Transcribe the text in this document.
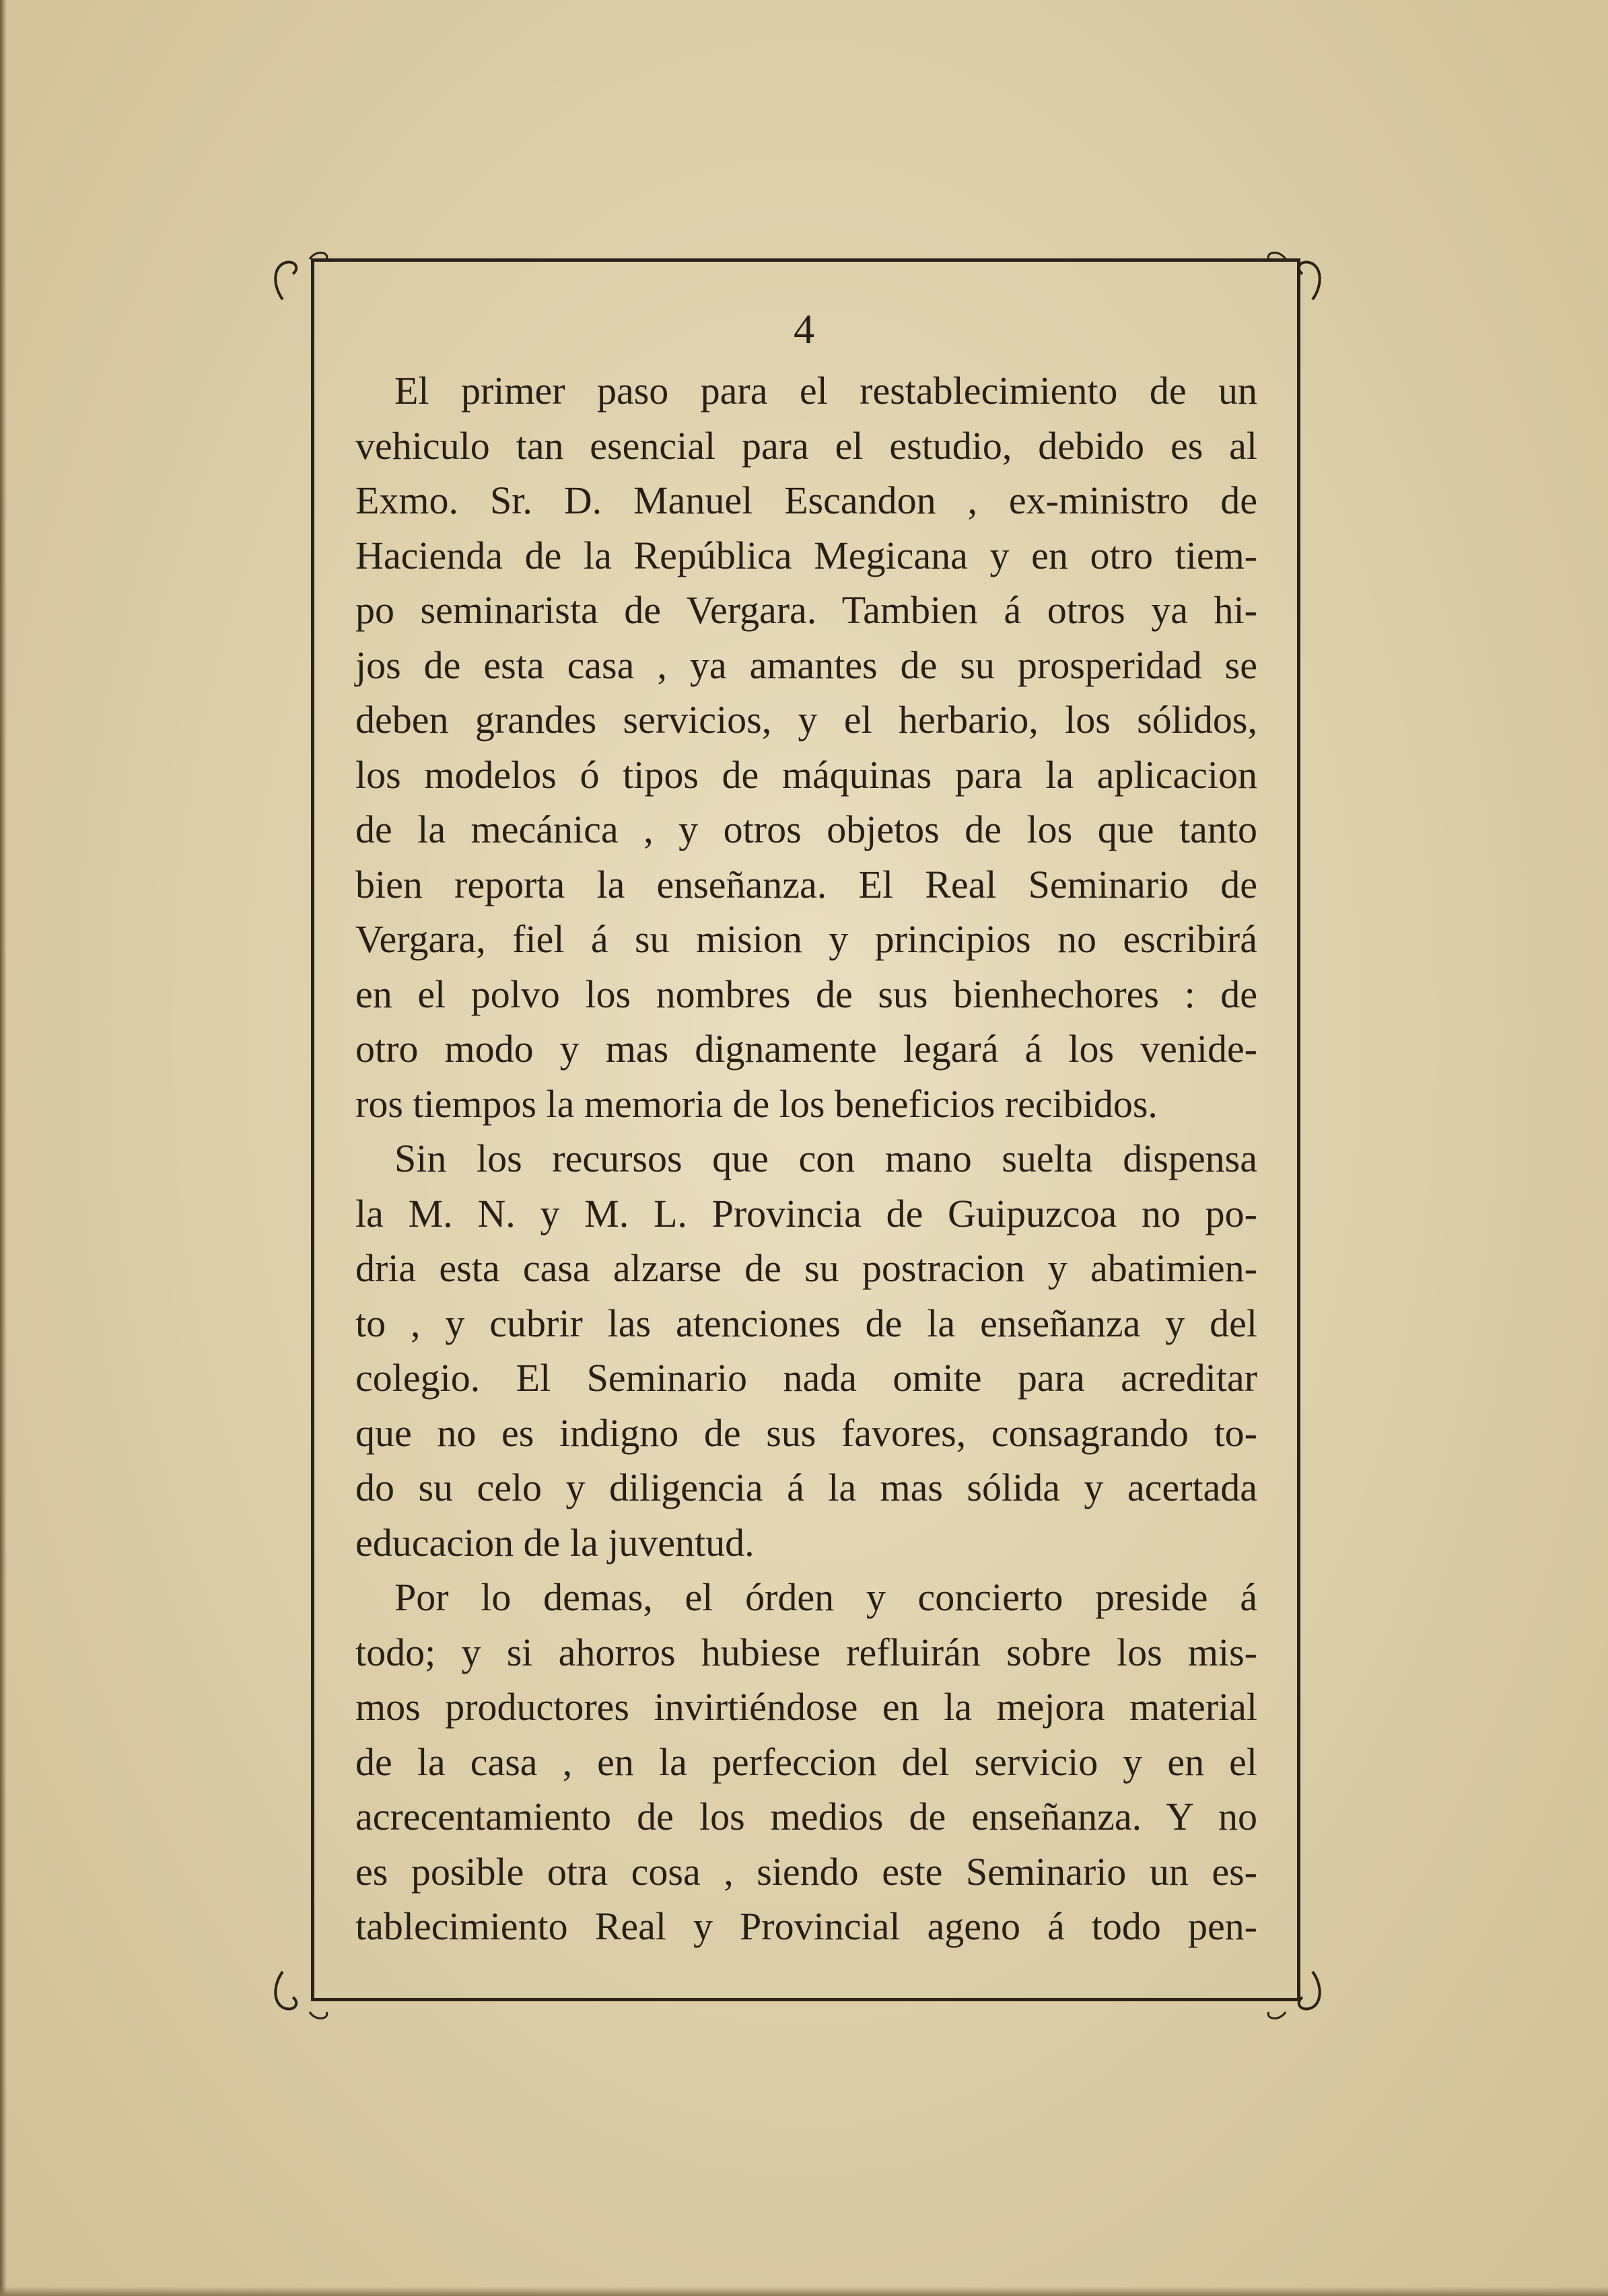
4
El primer paso para el restablecimiento de un
vehiculo tan esencial para el estudio, debido es al
Exmo. Sr. D. Manuel Escandon , ex-ministro de
Hacienda de la República Megicana y en otro tiem-
po seminarista de Vergara. Tambien á otros ya hi-
jos de esta casa , ya amantes de su prosperidad se
deben grandes servicios, y el herbario, los sólidos,
los modelos ó tipos de máquinas para la aplicacion
de la mecánica , y otros objetos de los que tanto
bien reporta la enseñanza. El Real Seminario de
Vergara, fiel á su mision y principios no escribirá
en el polvo los nombres de sus bienhechores : de
otro modo y mas dignamente legará á los venide-
ros tiempos la memoria de los beneficios recibidos.
Sin los recursos que con mano suelta dispensa
la M. N. y M. L. Provincia de Guipuzcoa no po-
dria esta casa alzarse de su postracion y abatimien-
to , y cubrir las atenciones de la enseñanza y del
colegio. El Seminario nada omite para acreditar
que no es indigno de sus favores, consagrando to-
do su celo y diligencia á la mas sólida y acertada
educacion de la juventud.
Por lo demas, el órden y concierto preside á
todo; y si ahorros hubiese refluirán sobre los mis-
mos productores invirtiéndose en la mejora material
de la casa , en la perfeccion del servicio y en el
acrecentamiento de los medios de enseñanza. Y no
es posible otra cosa , siendo este Seminario un es-
tablecimiento Real y Provincial ageno á todo pen-
